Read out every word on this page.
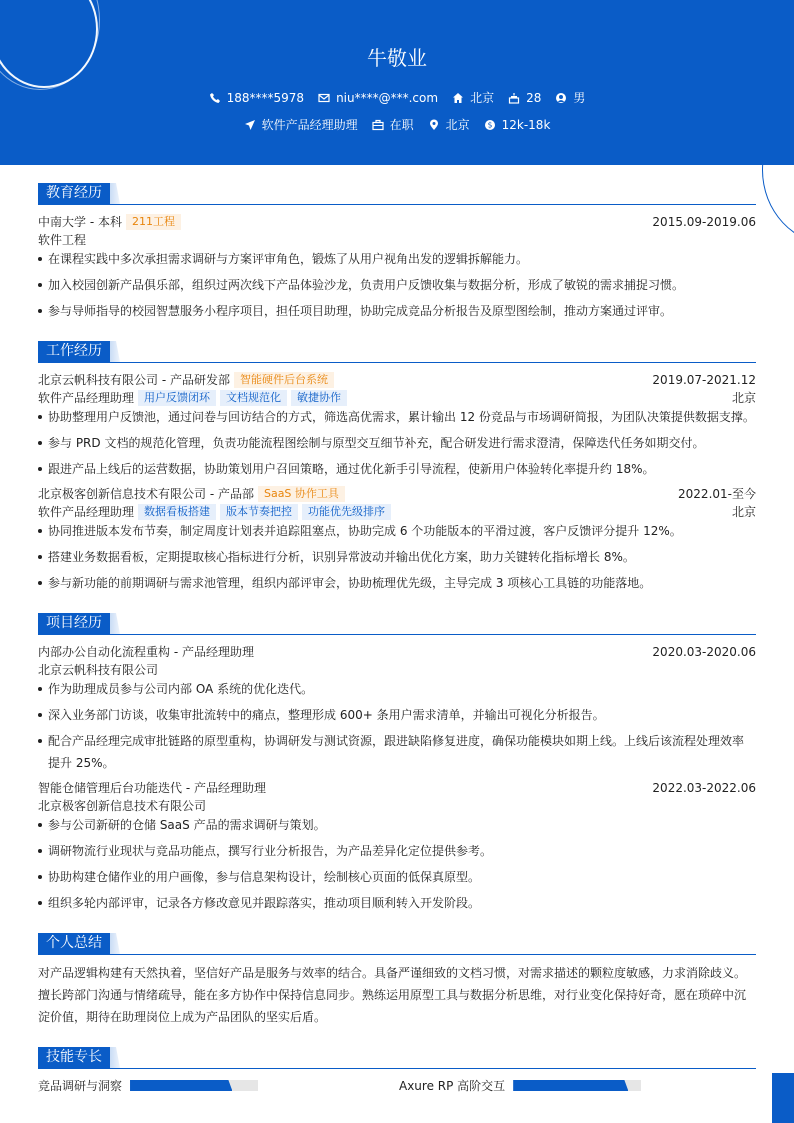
牛敬业
188****5978	niu****@***.com	北京	28	男
软件产品经理助理	在职	北京 $ 12k-18k
教育经历
中南大学 - 本科 211工程	2015.09-2019.06
软件工程
在课程实践中多次承担需求调研与方案评审角色，锻炼了从用户视角出发的逻辑拆解能力。
加入校园创新产品俱乐部，组织过两次线下产品体验沙龙，负责用户反馈收集与数据分析，形成了敏锐的需求捕捉习惯。
参与导师指导的校园智慧服务小程序项目，担任项目助理，协助完成竞品分析报告及原型图绘制，推动方案通过评审。
工作经历
北京云帆科技有限公司 - 产品研发部 智能硬件后台系统	2019.07-2021.12
软件产品经理助理 用户反馈闭环 文档规范化 敏捷协作	北京
协助整理用户反馈池，通过问卷与回访结合的方式，筛选高优需求，累计输出 12 份竞品与市场调研简报，为团队决策提供数据支撑。
参与 PRD 文档的规范化管理，负责功能流程图绘制与原型交互细节补充，配合研发进行需求澄清，保障迭代任务如期交付。
跟进产品上线后的运营数据，协助策划用户召回策略，通过优化新手引导流程，使新用户体验转化率提升约 18%。
北京极客创新信息技术有限公司 - 产品部 SaaS 协作工具	2022.01-至今
软件产品经理助理 数据看板搭建 版本节奏把控 功能优先级排序	北京
协同推进版本发布节奏，制定周度计划表并追踪阻塞点，协助完成 6 个功能版本的平滑过渡，客户反馈评分提升 12%。
搭建业务数据看板，定期提取核心指标进行分析，识别异常波动并输出优化方案，助力关键转化指标增长 8%。
参与新功能的前期调研与需求池管理，组织内部评审会，协助梳理优先级，主导完成 3 项核心工具链的功能落地。
项目经历
内部办公自动化流程重构 - 产品经理助理	2020.03-2020.06
北京云帆科技有限公司
作为助理成员参与公司内部 OA 系统的优化迭代。
深入业务部门访谈，收集审批流转中的痛点，整理形成 600+ 条用户需求清单，并输出可视化分析报告。
配合产品经理完成审批链路的原型重构，协调研发与测试资源，跟进缺陷修复进度，确保功能模块如期上线。上线后该流程处理效率
提升 25%。
智能仓储管理后台功能迭代 - 产品经理助理	2022.03-2022.06
北京极客创新信息技术有限公司
参与公司新研的仓储 SaaS 产品的需求调研与策划。
调研物流行业现状与竞品功能点，撰写行业分析报告，为产品差异化定位提供参考。
协助构建仓储作业的用户画像，参与信息架构设计，绘制核心页面的低保真原型。
组织多轮内部评审，记录各方修改意见并跟踪落实，推动项目顺利转入开发阶段。
个人总结
对产品逻辑构建有天然执着，坚信好产品是服务与效率的结合。具备严谨细致的文档习惯，对需求描述的颗粒度敏感，力求消除歧义。
擅长跨部门沟通与情绪疏导，能在多方协作中保持信息同步。熟练运用原型工具与数据分析思维，对行业变化保持好奇，愿在琐碎中沉
淀价值，期待在助理岗位上成为产品团队的坚实后盾。
技能专长
竞品调研与洞察	Axure RP 高阶交互
